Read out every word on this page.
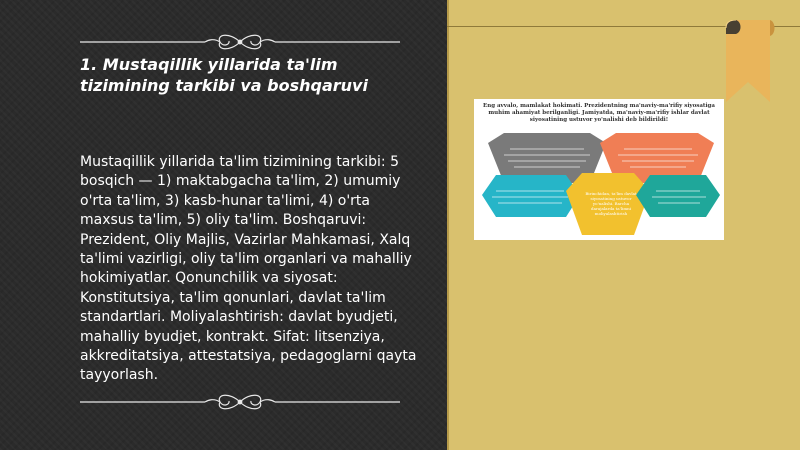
1. Mustaqillik yillarida ta'lim tizimining tarkibi va boshqaruvi

Mustaqillik yillarida ta'lim tizimining tarkibi: 5 bosqich — 1) maktabgacha ta'lim, 2) umumiy o'rta ta'lim, 3) kasb-hunar ta'limi, 4) o'rta maxsus ta'lim, 5) oliy ta'lim. Boshqaruvi: Prezident, Oliy Majlis, Vazirlar Mahkamasi, Xalq ta'limi vazirligi, oliy ta'lim organlari va mahalliy hokimiyatlar. Qonunchilik va siyosat: Konstitutsiya, ta'lim qonunlari, davlat ta'lim standartlari. Moliyalashtirish: davlat byudjeti, mahalliy byudjet, kontrakt. Sifat: litsenziya, akkreditatsiya, attestatsiya, pedagoglarni qayta tayyorlash.

Eng avvalo, mamlakat hokimati. Prezidentning ma'naviy-ma'rifiy siyosatiga muhim ahamiyat berilganligi. Jamiyatda, ma'naviy-ma'rifiy ishlar davlat siyosatining ustuvor yo'nalishi deb bildirildi!

Birinchidan, ta'lim davlat siyosatining ustuvor yo'nalishi. Barcha darajalarda ta'limni moliyalashtirish
